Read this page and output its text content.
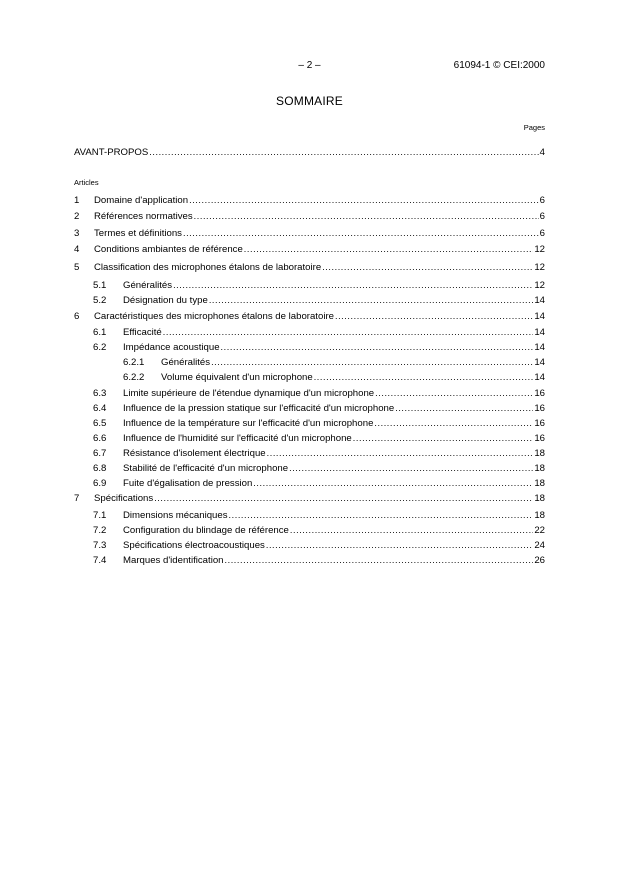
– 2 –	61094-1 © CEI:2000
SOMMAIRE
Pages
AVANT-PROPOS .....	4
Articles
1	Domaine d'application .....	6
2	Références normatives .....	6
3	Termes et définitions .....	6
4	Conditions ambiantes de référence .....	12
5	Classification des microphones étalons de laboratoire .....	12
5.1	Généralités .....	12
5.2	Désignation du type .....	14
6	Caractéristiques des microphones étalons de laboratoire .....	14
6.1	Efficacité .....	14
6.2	Impédance acoustique .....	14
6.2.1	Généralités .....	14
6.2.2	Volume équivalent d'un microphone .....	14
6.3	Limite supérieure de l'étendue dynamique d'un microphone .....	16
6.4	Influence de la pression statique sur l'efficacité d'un microphone .....	16
6.5	Influence de la température sur l'efficacité d'un microphone .....	16
6.6	Influence de l'humidité sur l'efficacité d'un microphone .....	16
6.7	Résistance d'isolement électrique .....	18
6.8	Stabilité de l'efficacité d'un microphone .....	18
6.9	Fuite d'égalisation de pression .....	18
7	Spécifications .....	18
7.1	Dimensions mécaniques .....	18
7.2	Configuration du blindage de référence .....	22
7.3	Spécifications électroacoustiques .....	24
7.4	Marques d'identification .....	26
